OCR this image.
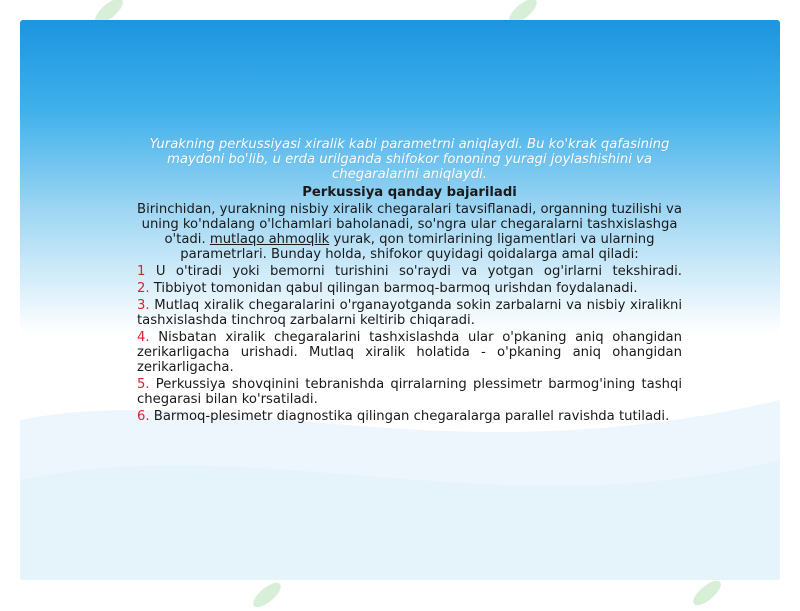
Yurakning perkussiyasi xiralik kabi parametrni aniqlaydi. Bu ko'krak qafasining maydoni bo'lib, u erda urilganda shifokor fononing yuragi joylashishini va chegaralarini aniqlaydi.
Perkussiya qanday bajariladi
Birinchidan, yurakning nisbiy xiralik chegaralari tavsiflanadi, organning tuzilishi va uning ko'ndalang o'lchamlari baholanadi, so'ngra ular chegaralarni tashxislashga o'tadi. mutlaqo ahmoqlik yurak, qon tomirlarining ligamentlari va ularning parametrlari. Bunday holda, shifokor quyidagi qoidalarga amal qiladi:
1 U o'tiradi yoki bemorni turishini so'raydi va yotgan og'irlarni tekshiradi.
2. Tibbiyot tomonidan qabul qilingan barmoq-barmoq urishdan foydalanadi.
3. Mutlaq xiralik chegaralarini o'rganayotganda sokin zarbalarni va nisbiy xiralikni tashxislashda tinchroq zarbalarni keltirib chiqaradi.
4. Nisbatan xiralik chegaralarini tashxislashda ular o'pkaning aniq ohangidan zerikarligacha urishadi. Mutlaq xiralik holatida - o'pkaning aniq ohangidan zerikarligacha.
5. Perkussiya shovqinini tebranishda qirralarning plessimetr barmog'ining tashqi chegarasi bilan ko'rsatiladi.
6. Barmoq-plesimetr diagnostika qilingan chegaralarga parallel ravishda tutiladi.
